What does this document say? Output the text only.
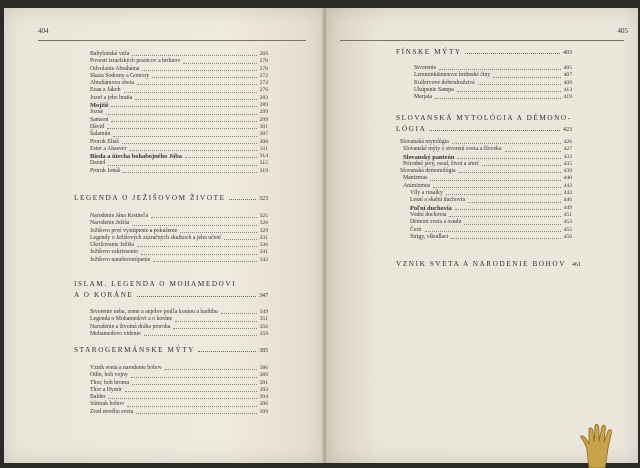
404
Babylonská veža	269
Povesti izraelských praotcov a hrdinov	270
Odvolanie Abraháma	270
Skaza Sodomy a Gomory	272
Abrahámova obeta	274
Ezau a Jákob	276
Jozef a jeho bratia	283
Mojžiš	289
Jozue	299
Samson	299
Dávid	301
Šalamún	307
Prorok Eliáš	308
Ester a Ahasver	311
Bieda a útecha bohabojného Jóba	314
Daniel	315
Prorok Jonáš	319
LEGENDA O JEŽIŠOVOM ŽIVOTE	323
Narodenie Jána Krstiteľa	325
Narodenie Ježiša	326
Ježišovo prvé vystúpenie a pokušenie	329
Legendy o Ježišových zázračných skutkoch a jeho učení	331
Ukrižovanie Ježiša	336
Ježišovo vzkriesenie	341
Ježišovo nanebovstúpenie	342
ISLAM. LEGENDA O MOHAMEDOVI
A O KORÁNE	347
Stvorenie neba, zeme a anjelov podľa koránu a hadíthu	349
Legenda o Mohamedovi a o koráne	351
Narodenie a životná dráha proroka	356
Mohamedovo videnie	359
STAROGERMÁNSKE MÝTY	385
Vznik sveta a narodenie bohov	386
Odin, boh vojny	389
Thor, boh hromu	391
Thor a Hymir	393
Balder	394
Súmrak bohov	396
Zrod nového sveta	399
405
FÍNSKE MÝTY	403
Stvorenie	405
Lemminkäinenove hrdinské činy	407
Kullervove dobrodružstvá	409
Ukúpenie Sampa	413
Marjata	419
SLOVANSKÁ MYTOLÓGIA A DÉMONO-
LÓGIA	423
Slovanská mytológia	426
Slovanské mýty o stvorení sveta a človeka	427
Slovanský panteón	433
Prírodné javy, osud, život a smrť	435
Slovanská démonológia	439
Manizmus	440
Animizmus	443
Víly a rusalky	443
Lesní a skalní duchovia	446
Poľní duchovia	449
Vodní duchovia	451
Démoni sveta a osudu	453
Čerti	455
Strigy, vlkodlaci	456
VZNIK SVETA A NARODENIE BOHOV 461
